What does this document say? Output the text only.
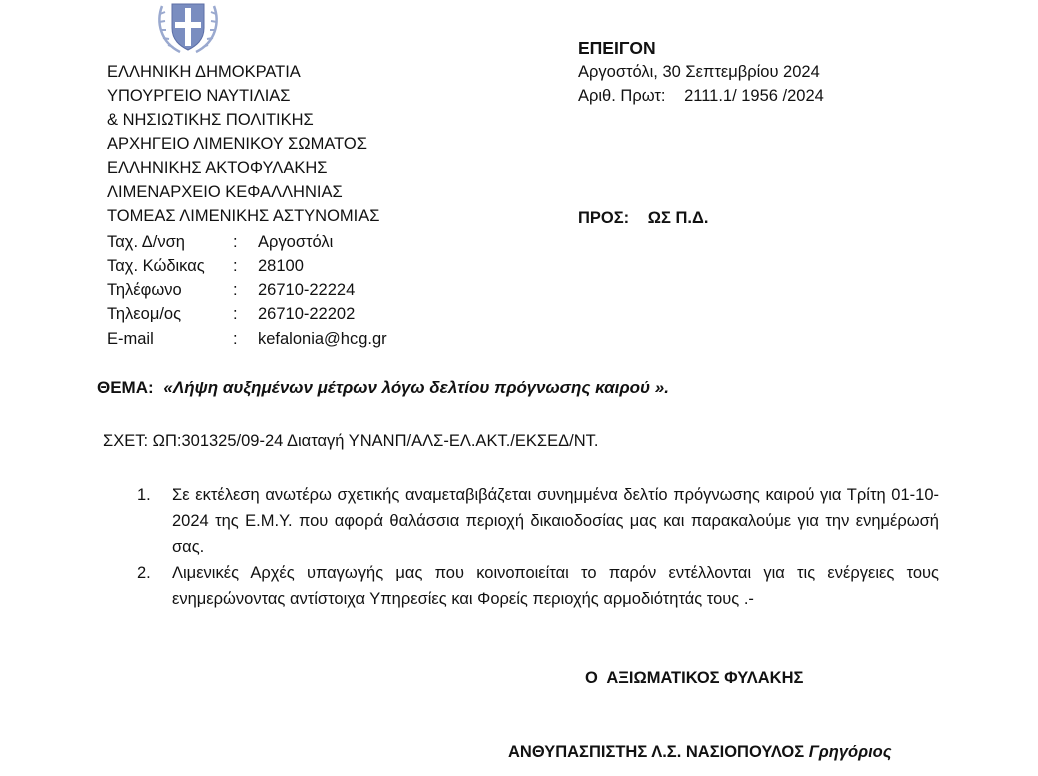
ΕΛΛΗΝΙΚΗ ΔΗΜΟΚΡΑΤΙΑ
ΥΠΟΥΡΓΕΙΟ ΝΑΥΤΙΛΙΑΣ
& ΝΗΣΙΩΤΙΚΗΣ ΠΟΛΙΤΙΚΗΣ
ΑΡΧΗΓΕΙΟ ΛΙΜΕΝΙΚΟΥ ΣΩΜΑΤΟΣ
ΕΛΛΗΝΙΚΗΣ ΑΚΤΟΦΥΛΑΚΗΣ
ΛΙΜΕΝΑΡΧΕΙΟ ΚΕΦΑΛΛΗΝΙΑΣ
ΤΟΜΕΑΣ ΛΙΜΕΝΙΚΗΣ ΑΣΤΥΝΟΜΙΑΣ
Ταχ. Δ/νση	: Αργοστόλι
Ταχ. Κώδικας : 28100
Τηλέφωνο	: 26710-22224
Τηλεομ/ος	: 26710-22202
E-mail	: kefalonia@hcg.gr
ΕΠΕΙΓΟΝ
Αργοστόλι, 30 Σεπτεμβρίου 2024
Αριθ. Πρωτ: 2111.1/ 1956 /2024
ΠΡΟΣ: ΩΣ Π.Δ.
ΘΕΜΑ: «Λήψη αυξημένων μέτρων λόγω δελτίου πρόγνωσης καιρού ».
ΣΧΕΤ: ΩΠ:301325/09-24 Διαταγή ΥΝΑΝΠ/ΑΛΣ-ΕΛ.ΑΚΤ./ΕΚΣΕΔ/ΝΤ.
1. Σε εκτέλεση ανωτέρω σχετικής αναμεταβιβάζεται συνημμένα δελτίο πρόγνωσης καιρού για Τρίτη 01-10-2024 της Ε.Μ.Υ. που αφορά θαλάσσια περιοχή δικαιοδοσίας μας και παρακαλούμε για την ενημέρωσή σας.
2. Λιμενικές Αρχές υπαγωγής μας που κοινοποιείται το παρόν εντέλλονται για τις ενέργειες τους ενημερώνοντας αντίστοιχα Υπηρεσίες και Φορείς περιοχής αρμοδιότητάς τους .-
Ο  ΑΞΙΩΜΑΤΙΚΟΣ ΦΥΛΑΚΗΣ
ΑΝΘΥΠΑΣΠΙΣΤΗΣ Λ.Σ. ΝΑΣΙΟΠΟΥΛΟΣ Γρηγόριος
